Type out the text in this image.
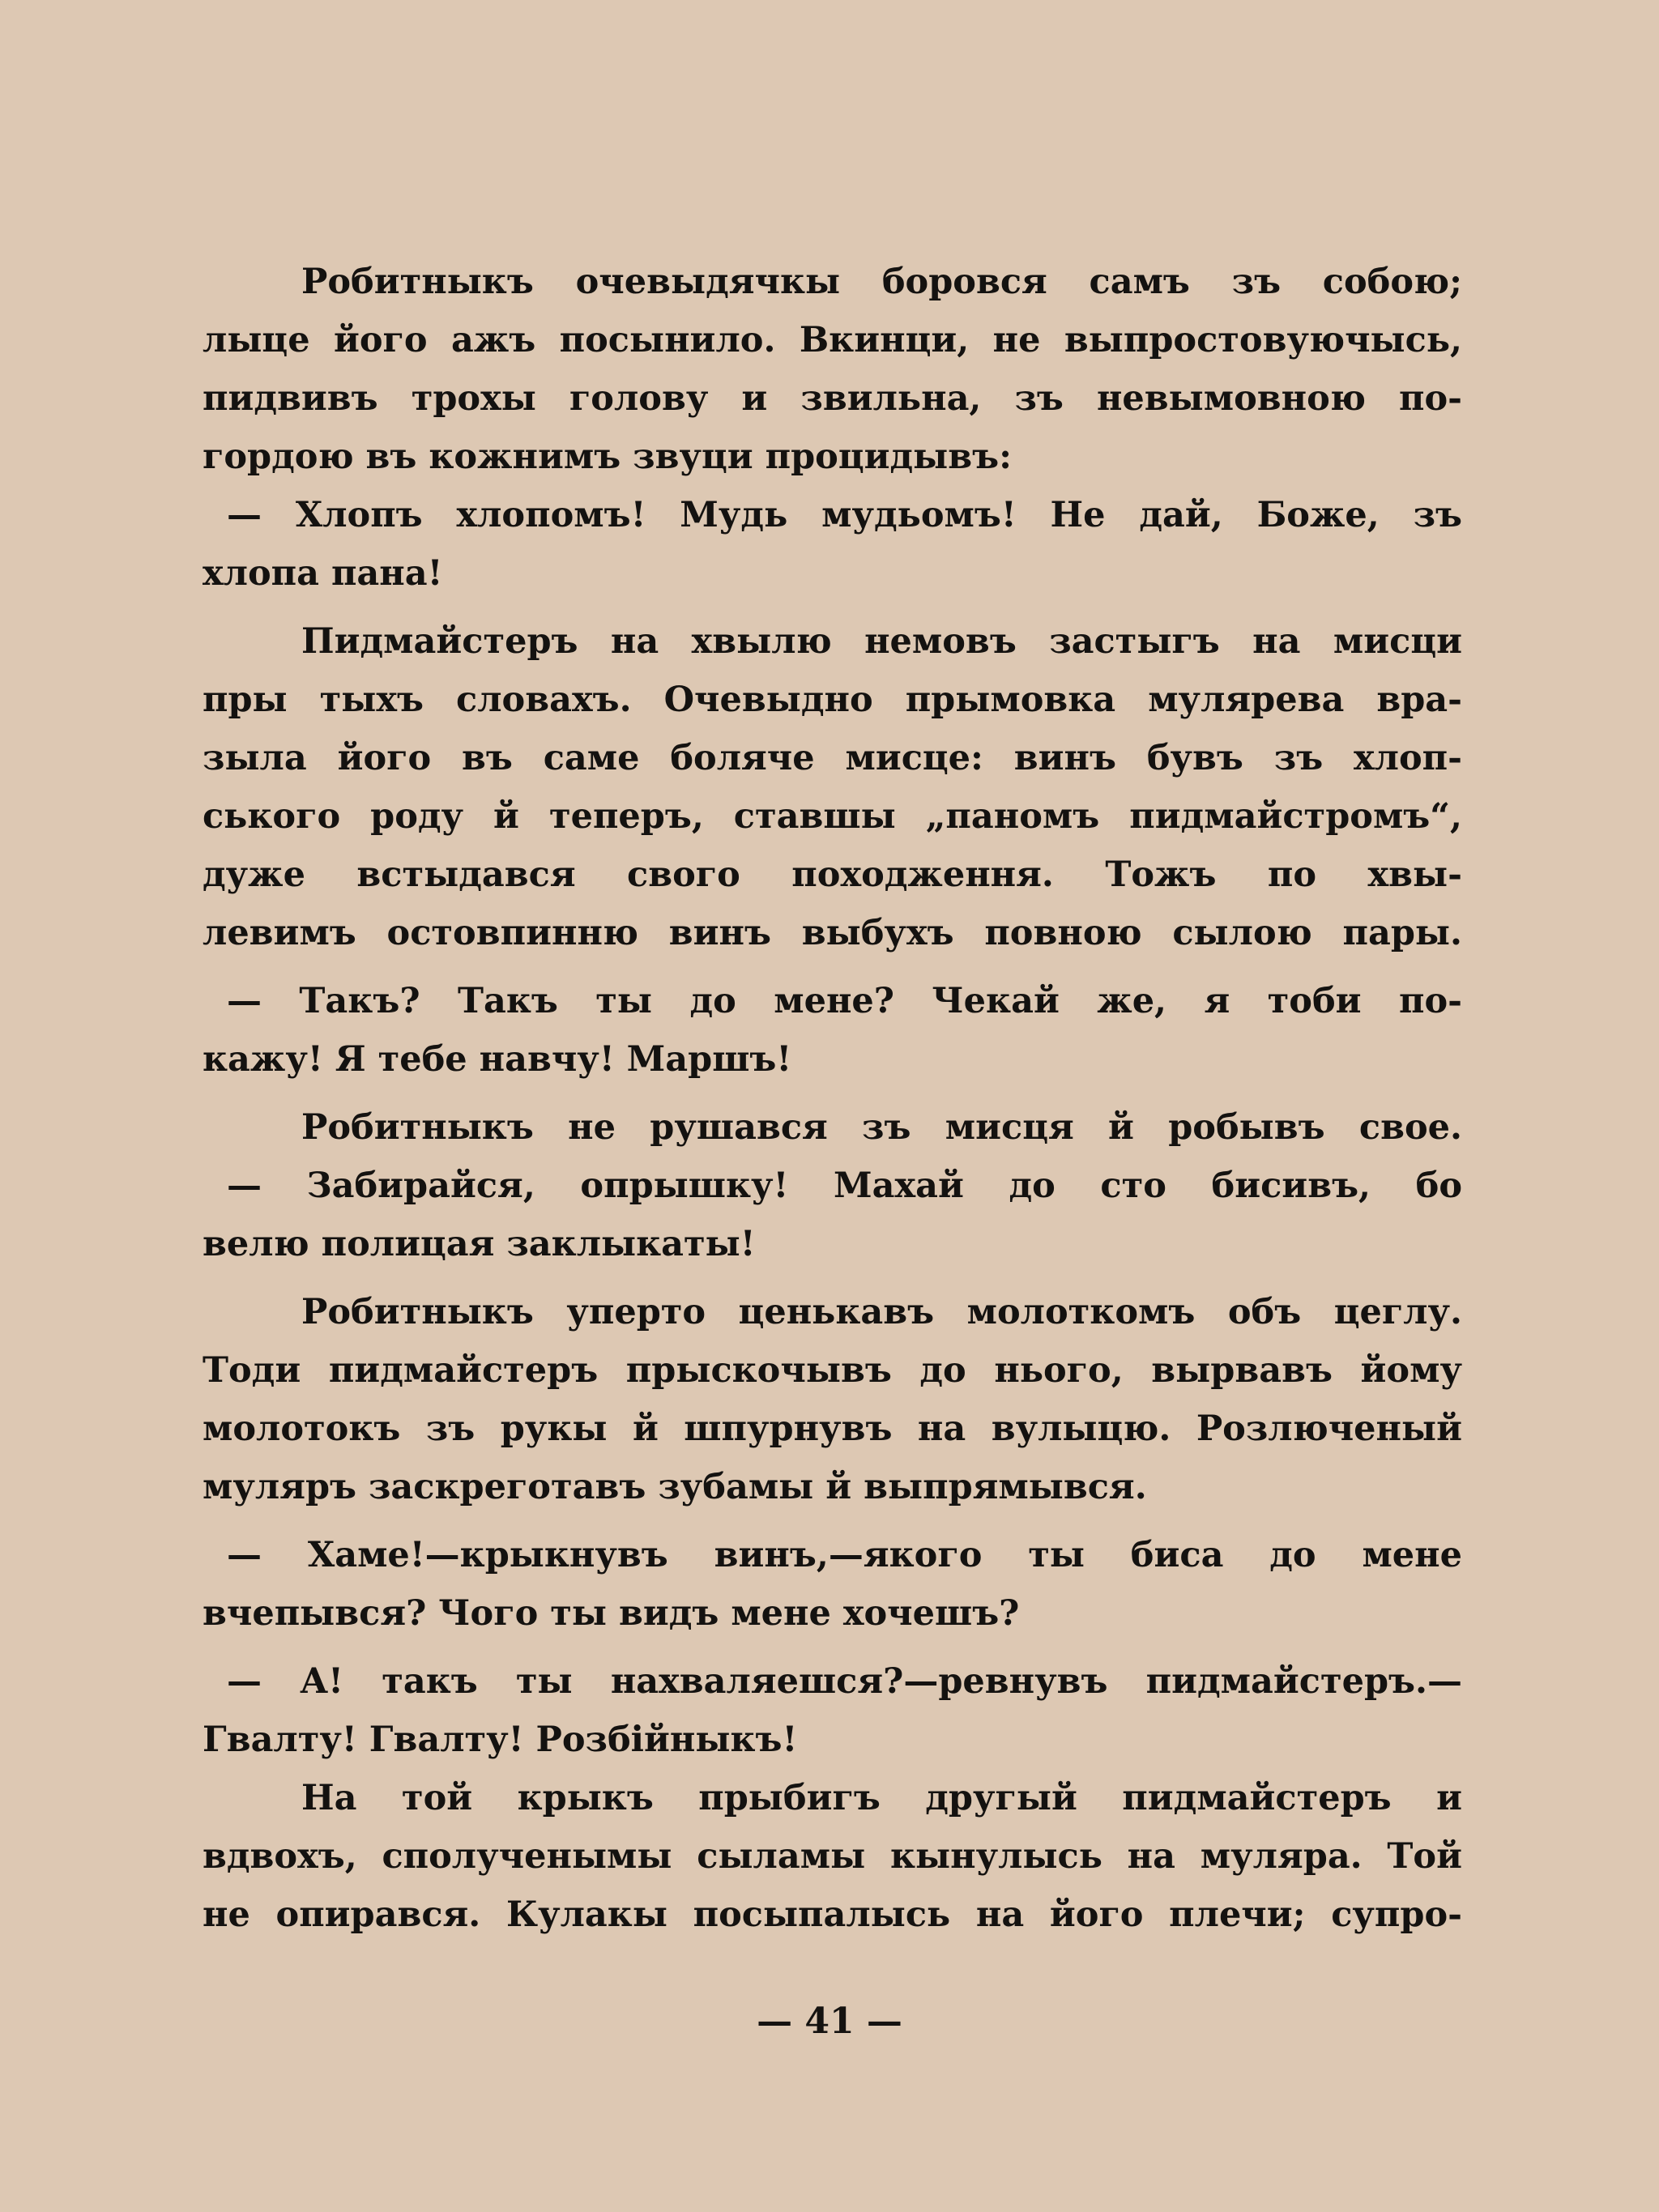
Робитныкъ очевыдячкы боровся самъ зъ собою;
лыце його ажъ посынило. Вкинци, не выпростовуючысь,
пидвивъ трохы голову и звильна, зъ невымовною по-
гордою въ кожнимъ звуци процидывъ:
— Хлопъ хлопомъ! Мудь мудьомъ! Не дай, Боже, зъ
хлопа пана!
Пидмайстеръ на хвылю немовъ застыгъ на мисци
пры тыхъ словахъ. Очевыдно прымовка мулярева вра-
зыла його въ саме боляче мисце: винъ бувъ зъ хлоп-
ського роду й теперъ, ставшы „паномъ пидмайстромъ“,
дуже встыдався свого походження. Тожъ по хвы-
левимъ остовпинню винъ выбухъ повною сылою пары.
— Такъ? Такъ ты до мене? Чекай же, я тоби по-
кажу! Я тебе навчу! Маршъ!
Робитныкъ не рушався зъ мисця й робывъ свое.
— Забирайся, опрышку! Махай до сто бисивъ, бо
велю полицая заклыкаты!
Робитныкъ уперто ценькавъ молоткомъ объ цеглу.
Тоди пидмайстеръ прыскочывъ до нього, вырвавъ йому
молотокъ зъ рукы й шпурнувъ на вулыцю. Розлюченый
муляръ заскреготавъ зубамы й выпрямывся.
— Хаме!—крыкнувъ винъ,—якого ты биса до мене
вчепывся? Чого ты видъ мене хочешъ?
— А! такъ ты нахваляешся?—ревнувъ пидмайстеръ.—
Гвалту! Гвалту! Розбійныкъ!
На той крыкъ прыбигъ другый пидмайстеръ и
вдвохъ, сполученымы сыламы кынулысь на муляра. Той
не опирався. Кулакы посыпалысь на його плечи; супро-
— 41 —
